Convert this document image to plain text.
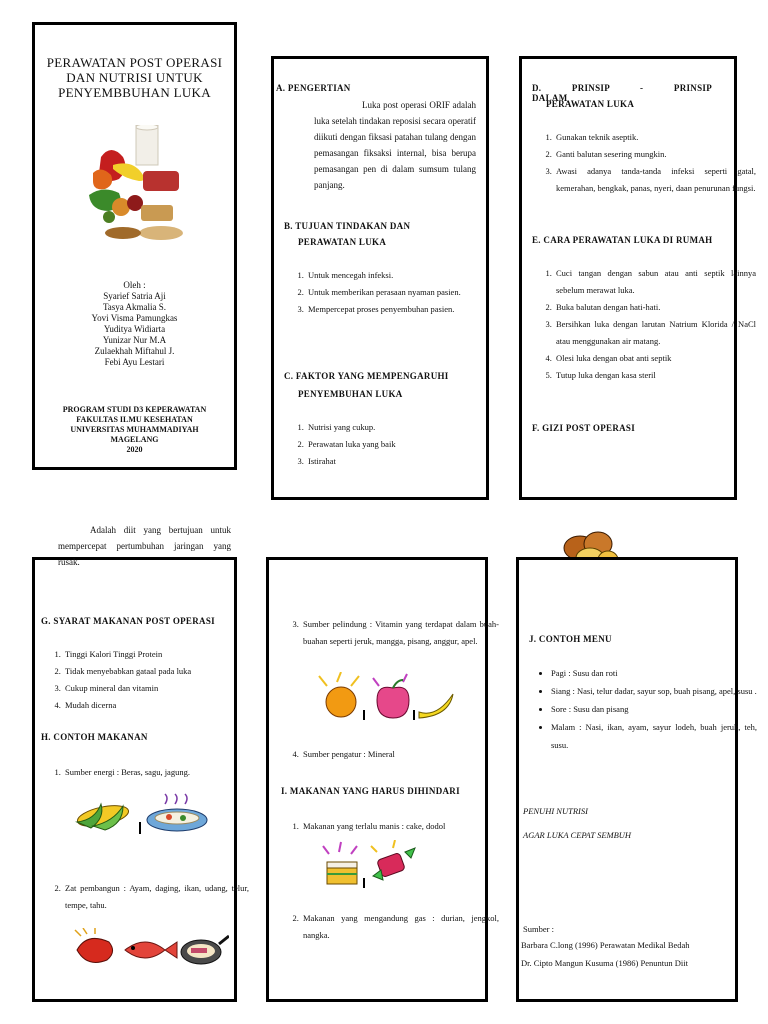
PERAWATAN POST OPERASI
DAN NUTRISI UNTUK
PENYEMBBUHAN LUKA
Oleh :
Syarief Satria Aji
Tasya Akmalia S.
Yovi Visma Pamungkas
Yuditya Widiarta
Yunizar Nur M.A
Zulaekhah Miftahul J.
Febi Ayu Lestari
PROGRAM STUDI D3 KEPERAWATAN
FAKULTAS ILMU KESEHATAN
UNIVERSITAS MUHAMMADIYAH
MAGELANG
2020
A. PENGERTIAN
Luka post operasi ORIF adalah luka setelah tindakan reposisi secara operatif diikuti dengan fiksasi patahan tulang dengan pemasangan fiksaksi internal, bisa berupa pemasangan pen di dalam sumsum tulang panjang.
B. TUJUAN TINDAKAN DAN
PERAWATAN LUKA
1. Untuk mencegah infeksi.
2. Untuk memberikan perasaan nyaman pasien.
3. Mempercepat proses penyembuhan pasien.
C. FAKTOR YANG MEMPENGARUHI
PENYEMBUHAN LUKA
1. Nutrisi yang cukup.
2. Perawatan luka yang baik
3. Istirahat
D. PRINSIP - PRINSIP DALAM
PERAWATAN LUKA
1. Gunakan teknik aseptik.
2. Ganti balutan sesering mungkin.
3. Awasi adanya tanda-tanda infeksi seperti gatal, kemerahan, bengkak, panas, nyeri, daan penurunan fungsi.
E. CARA PERAWATAN LUKA DI RUMAH
1. Cuci tangan dengan sabun atau anti septik lainnya sebelum merawat luka.
2. Buka balutan dengan hati-hati.
3. Bersihkan luka dengan larutan Natrium Klorida / NaCl atau menggunakan air matang.
4. Olesi luka dengan obat anti septik
5. Tutup luka dengan kasa steril
F. GIZI POST OPERASI
Adalah diit yang bertujuan untuk mempercepat pertumbuhan jaringan yang rusak.
G. SYARAT MAKANAN POST OPERASI
1. Tinggi Kalori Tinggi Protein
2. Tidak menyebabkan gataal pada luka
3. Cukup mineral dan vitamin
4. Mudah dicerna
H. CONTOH MAKANAN
1. Sumber energi : Beras, sagu, jagung.
2. Zat pembangun : Ayam, daging, ikan, udang, telur, tempe, tahu.
3. Sumber pelindung : Vitamin yang terdapat dalam buah-buahan seperti jeruk, mangga, pisang, anggur, apel.
4. Sumber pengatur : Mineral
I. MAKANAN YANG HARUS DIHINDARI
1. Makanan yang terlalu manis : cake, dodol
2. Makanan yang mengandung gas : durian, jengkol, nangka.
J. CONTOH MENU
• Pagi : Susu dan roti
• Siang : Nasi, telur dadar, sayur sop, buah pisang, apel, susu .
• Sore : Susu dan pisang
• Malam : Nasi, ikan, ayam, sayur lodeh, buah jeruk, teh, susu.
PENUHI NUTRISI
AGAR LUKA CEPAT SEMBUH
Sumber :
Barbara C.long (1996) Perawatan Medikal Bedah
Dr. Cipto Mangun Kusuma (1986) Penuntun Diit
